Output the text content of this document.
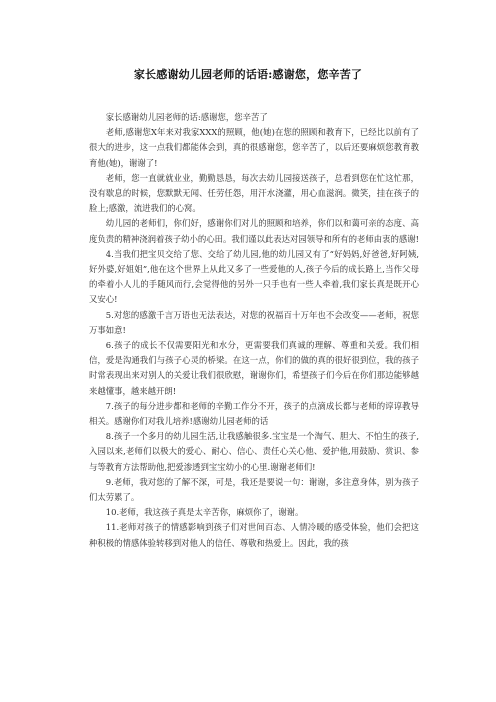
家长感谢幼儿园老师的话语:感谢您，您辛苦了

家长感谢幼儿园老师的话:感谢您，您辛苦了

老师,感谢您X年来对我家XXX的照顾，他(她)在您的照顾和教育下，已经比以前有了很大的进步，这一点我们都能体会到，真的很感谢您，您辛苦了，以后还要麻烦您教育教育他(她)，谢谢了!

老师，您一直就就业业，勤勤恳恳，每次去幼儿园接送孩子，总看到您在忙这忙那，没有歇息的时候，您默默无闻、任劳任怨，用汗水浇灌，用心血滋润。微笑，挂在孩子的脸上;感激，流进我们的心窝。

幼儿园的老师们，你们好，感谢你们对儿的照顾和培养，你们以和蔼可亲的态度、高度负责的精神浇润着孩子幼小的心田。我们谨以此表达对园领导和所有的老师由衷的感谢!

4.当我们把宝贝交给了您、交给了幼儿园,他的幼儿园又有了“好妈妈,好爸爸,好阿姨,好外婆,好姐姐”,他在这个世界上从此又多了一些爱他的人,孩子今后的成长路上,当作父母的牵着小人儿的手随风而行,会觉得他的另外一只手也有一些人牵着,我们家长真是既开心又安心!

5.对您的感激千言万语也无法表达，对您的祝福百十万年也不会改变——老师，祝您万事如意!

6.孩子的成长不仅需要阳光和水分，更需要我们真诚的理解、尊重和关爱。我们相信，爱是沟通我们与孩子心灵的桥梁。在这一点，你们的做的真的很好很到位，我的孩子时常表现出来对别人的关爱让我们很欣慰，谢谢你们，希望孩子们今后在你们那边能够越来越懂事，越来越开朗!

7.孩子的每分进步都和老师的辛勤工作分不开，孩子的点滴成长都与老师的谆谆教导相关。感谢你们对我儿培养!感谢幼儿园老师的话

8.孩子一个多月的幼儿园生活,让我感触很多.宝宝是一个淘气、胆大、不怕生的孩子,入园以来,老师们以极大的爱心、耐心、信心、责任心关心他、爱护他,用鼓励、赏识、参与等教育方法帮助他,把爱渗透到宝宝幼小的心里.谢谢老师们!

9.老师，我对您的了解不深，可是，我还是要说一句：谢谢，多注意身体，别为孩子们太劳累了。

10.老师，我这孩子真是太辛苦你，麻烦你了，谢谢。

11.老师对孩子的情感影响到孩子们对世间百态、人情冷暖的感受体验，他们会把这种积极的情感体验转移到对他人的信任、尊敬和热爱上。因此，我的孩
